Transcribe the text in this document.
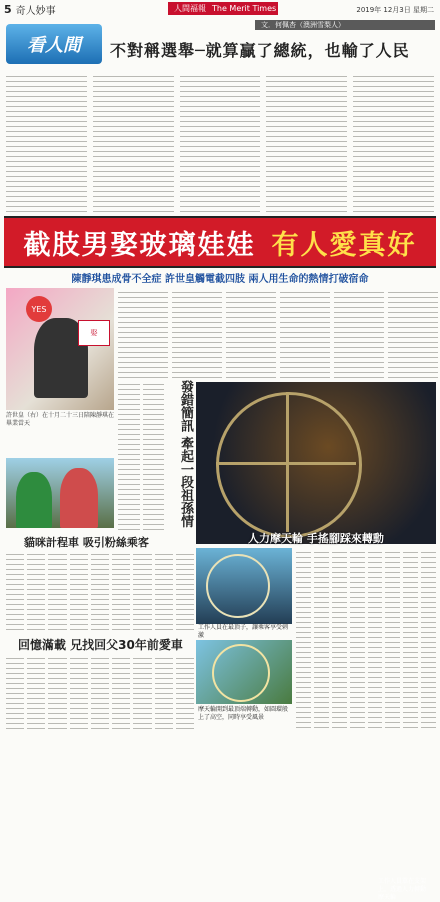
5 奇人妙事	人間福報 The Merit Times	2019年 12月3日 星期二
文．何佩杏（澳洲雪梨人）
看人間	不對稱選舉─就算贏了總統，也輸了人民
截肢男娶玻璃娃娃 有人愛真好
陳靜琪患成骨不全症 許世皇觸電截四肢 兩人用生命的熱情打破宿命
YES
娶
許世皇（右）在十月二十三日陪陳靜琪在畢業當天	發錯簡訊 牽起一段祖孫情
工作人員單在支架上，透過人力轉動摩天輪
人力摩天輪 手搖腳踩來轉動
貓咪計程車 吸引粉絲乘客
回憶滿載 兄找回父30年前愛車
工作人員在最頂子，讓乘客享受刺激
摩天輪開到最頂端轉動，如圓環般上了高空，同時享受風景
